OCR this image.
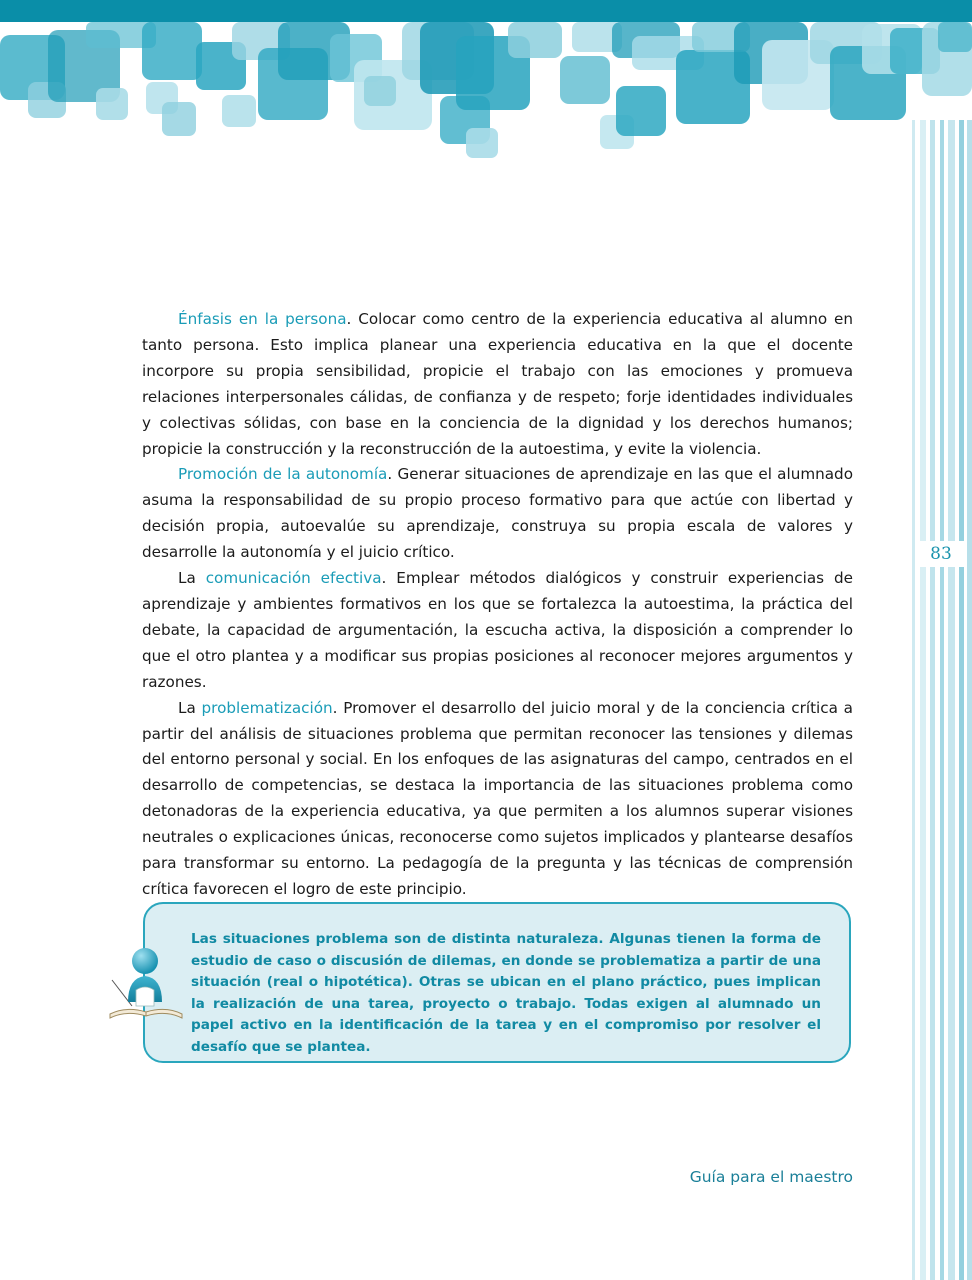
83

Énfasis en la persona. Colocar como centro de la experiencia educativa al alumno en tanto persona. Esto implica planear una experiencia educativa en la que el docente incorpore su propia sensibilidad, propicie el trabajo con las emociones y promueva relaciones interpersonales cálidas, de confianza y de respeto; forje identidades individuales y colectivas sólidas, con base en la conciencia de la dignidad y los derechos humanos; propicie la construcción y la reconstrucción de la autoestima, y evite la violencia.

Promoción de la autonomía. Generar situaciones de aprendizaje en las que el alumnado asuma la responsabilidad de su propio proceso formativo para que actúe con libertad y decisión propia, autoevalúe su aprendizaje, construya su propia escala de valores y desarrolle la autonomía y el juicio crítico.

La comunicación efectiva. Emplear métodos dialógicos y construir experiencias de aprendizaje y ambientes formativos en los que se fortalezca la autoestima, la práctica del debate, la capacidad de argumentación, la escucha activa, la disposición a comprender lo que el otro plantea y a modificar sus propias posiciones al reconocer mejores argumentos y razones.

La problematización. Promover el desarrollo del juicio moral y de la conciencia crítica a partir del análisis de situaciones problema que permitan reconocer las tensiones y dilemas del entorno personal y social. En los enfoques de las asignaturas del campo, centrados en el desarrollo de competencias, se destaca la importancia de las situaciones problema como detonadoras de la experiencia educativa, ya que permiten a los alumnos superar visiones neutrales o explicaciones únicas, reconocerse como sujetos implicados y plantearse desafíos para transformar su entorno. La pedagogía de la pregunta y las técnicas de comprensión crítica favorecen el logro de este principio.

Las situaciones problema son de distinta naturaleza. Algunas tienen la forma de estudio de caso o discusión de dilemas, en donde se problematiza a partir de una situación (real o hipotética). Otras se ubican en el plano práctico, pues implican la realización de una tarea, proyecto o trabajo. Todas exigen al alumnado un papel activo en la identificación de la tarea y en el compromiso por resolver el desafío que se plantea.

Guía para el maestro
